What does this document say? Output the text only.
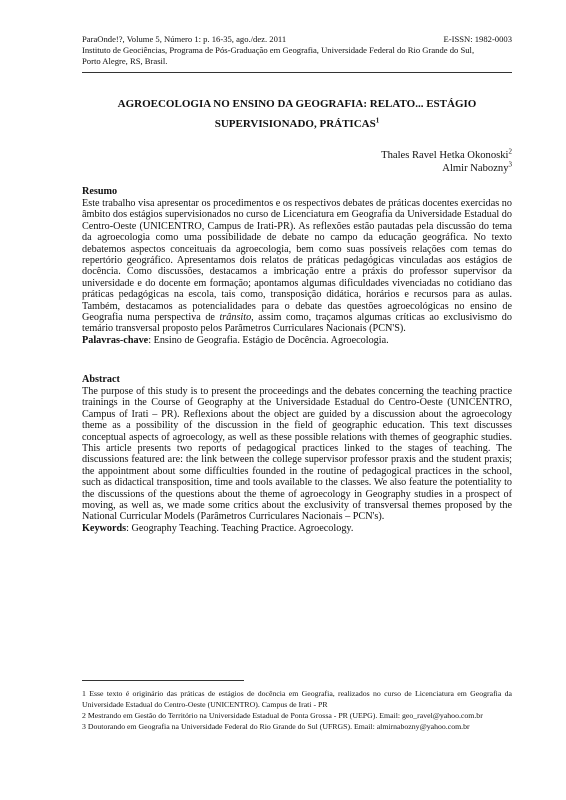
ParaOnde!?, Volume 5, Número 1: p. 16-35, ago./dez. 2011	E-ISSN: 1982-0003
Instituto de Geociências, Programa de Pós-Graduação em Geografia, Universidade Federal do Rio Grande do Sul,
Porto Alegre, RS, Brasil.
AGROECOLOGIA NO ENSINO DA GEOGRAFIA: RELATO... ESTÁGIO
SUPERVISIONADO, PRÁTICAS$^1$
Thales Ravel Hetka Okonoski$^2$
Almir Nabozny$^3$
Resumo

Este trabalho visa apresentar os procedimentos e os respectivos debates de práticas docentes exercidas no âmbito dos estágios supervisionados no curso de Licenciatura em Geografia da Universidade Estadual do Centro-Oeste (UNICENTRO, Campus de Irati-PR). As reflexões estão pautadas pela discussão do tema da agroecologia como uma possibilidade de debate no campo da educação geográfica. No texto debatemos aspectos conceituais da agroecologia, bem como suas possíveis relações com temas do repertório geográfico. Apresentamos dois relatos de práticas pedagógicas vinculadas aos estágios de docência. Como discussões, destacamos a imbricação entre a práxis do professor supervisor da universidade e do docente em formação; apontamos algumas dificuldades vivenciadas no cotidiano das práticas pedagógicas na escola, tais como, transposição didática, horários e recursos para as aulas. Também, destacamos as potencialidades para o debate das questões agroecológicas no ensino de Geografia numa perspectiva de trânsito, assim como, traçamos algumas críticas ao exclusivismo do temário transversal proposto pelos Parâmetros Curriculares Nacionais (PCN'S).

Palavras-chave: Ensino de Geografia. Estágio de Docência. Agroecologia.

Abstract

The purpose of this study is to present the proceedings and the debates concerning the teaching practice trainings in the Course of Geography at the Universidade Estadual do Centro-Oeste (UNICENTRO, Campus of Irati – PR). Reflexions about the object are guided by a discussion about the agroecology theme as a possibility of the discussion in the field of geographic education. This text discusses conceptual aspects of agroecology, as well as these possible relations with themes of geographic studies. This article presents two reports of pedagogical practices linked to the stages of teaching. The discussions featured are: the link between the college supervisor professor praxis and the student praxis; the appointment about some difficulties founded in the routine of pedagogical practices in the school, such as didactical transposition, time and tools available to the classes. We also feature the potentiality to the discussions of the questions about the theme of agroecology in Geography studies in a prospect of moving, as well as, we made some critics about the exclusivity of transversal themes proposed by the National Curricular Models (Parâmetros Curriculares Nacionais – PCN's).

Keywords: Geography Teaching. Teaching Practice. Agroecology.

1 Esse texto é originário das práticas de estágios de docência em Geografia, realizados no curso de Licenciatura em Geografia da Universidade Estadual do Centro-Oeste (UNICENTRO). Campus de Irati - PR

2 Mestrando em Gestão do Território na Universidade Estadual de Ponta Grossa - PR (UEPG). Email: geo_ravel@yahoo.com.br

3 Doutorando em Geografia na Universidade Federal do Rio Grande do Sul (UFRGS). Email: almirnabozny@yahoo.com.br
